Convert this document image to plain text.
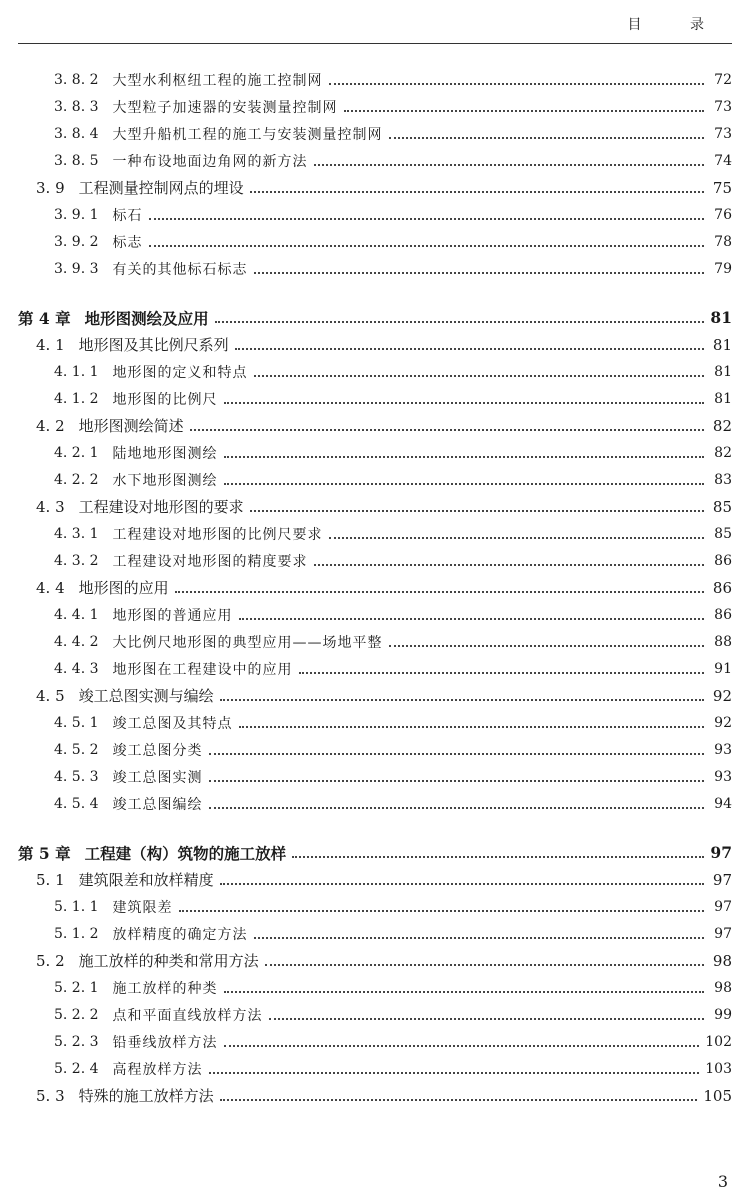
目 录
3. 8. 2 大型水利枢纽工程的施工控制网	72
3. 8. 3 大型粒子加速器的安装测量控制网	73
3. 8. 4 大型升船机工程的施工与安装测量控制网	73
3. 8. 5 一种布设地面边角网的新方法	74
3. 9 工程测量控制网点的埋设	75
3. 9. 1 标石	76
3. 9. 2 标志	78
3. 9. 3 有关的其他标石标志	79
第 4 章 地形图测绘及应用	81
4. 1 地形图及其比例尺系列	81
4. 1. 1 地形图的定义和特点	81
4. 1. 2 地形图的比例尺	81
4. 2 地形图测绘简述	82
4. 2. 1 陆地地形图测绘	82
4. 2. 2 水下地形图测绘	83
4. 3 工程建设对地形图的要求	85
4. 3. 1 工程建设对地形图的比例尺要求	85
4. 3. 2 工程建设对地形图的精度要求	86
4. 4 地形图的应用	86
4. 4. 1 地形图的普通应用	86
4. 4. 2 大比例尺地形图的典型应用——场地平整	88
4. 4. 3 地形图在工程建设中的应用	91
4. 5 竣工总图实测与编绘	92
4. 5. 1 竣工总图及其特点	92
4. 5. 2 竣工总图分类	93
4. 5. 3 竣工总图实测	93
4. 5. 4 竣工总图编绘	94
第 5 章 工程建（构）筑物的施工放样	97
5. 1 建筑限差和放样精度	97
5. 1. 1 建筑限差	97
5. 1. 2 放样精度的确定方法	97
5. 2 施工放样的种类和常用方法	98
5. 2. 1 施工放样的种类	98
5. 2. 2 点和平面直线放样方法	99
5. 2. 3 铅垂线放样方法	102
5. 2. 4 高程放样方法	103
5. 3 特殊的施工放样方法	105
3
